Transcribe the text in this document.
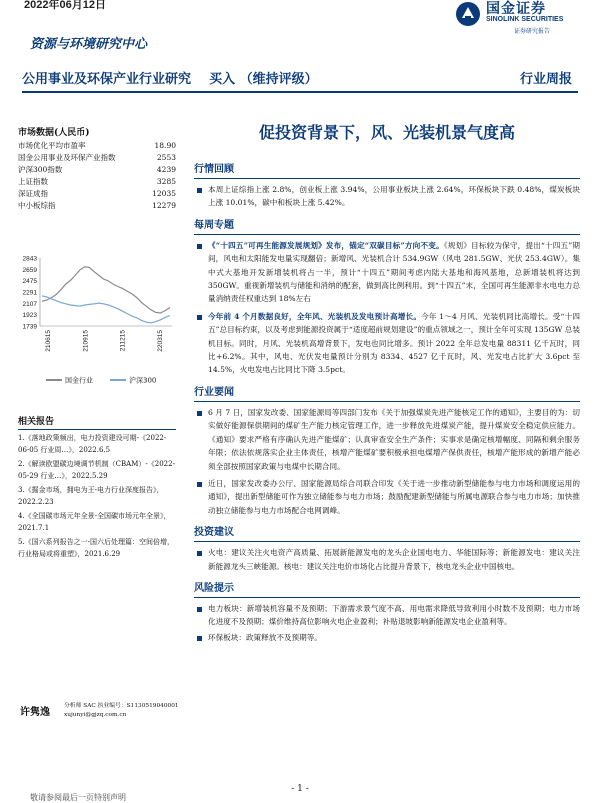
2022年06月12日
资源与环境研究中心
国金证券
SINOLINK SECURITIES
证券研究报告
公用事业及环保产业行业研究    买入 （维持评级）	行业周报
促投资背景下，风、光装机景气度高
市场数据(人民币)
市场优化平均市盈率	18.90
国金公用事业及环保产业指数	2553
沪深300指数	4239
上证指数	3285
深证成指	12035
中小板综指	12279
2843
2659
2475
2291
2107
1923
1739
210615	210915	211215	220315
国金行业	沪深300
相关报告
1.《落地政策频出，电力投资建设可期-《2022-06-05 行业周…》，2022.6.5
2.《解读欧盟碳边境调节机制（CBAM）-《2022-05-29 行业…》，2022.5.29
3.《掘金市场，拥电为王-电力行业深度报告》，2022.2.23
4.《全国碳市场元年全景-全国碳市场元年全景》，2021.7.1
5.《国六系列报告之一-国六后处理篇：空间倍增，行业格局或将重塑》，2021.6.29
许隽逸
分析师 SAC 执业编号：S1130519040001
xujunyi@gjzq.com.cn
行情回顾
本周上证综指上涨 2.8%，创业板上涨 3.94%，公用事业板块上涨 2.64%，环保板块下跌 0.48%，煤炭板块上涨 10.01%，碳中和板块上涨 5.42%。
每周专题
《“十四五”可再生能源发展规划》发布，锚定“双碳目标”方向不变。《规划》目标较为保守，提出“十四五”期间，风电和太阳能发电量实现翻倍；新增风、光装机合计 534.9GW（风电 281.5GW、光伏 253.4GW）。集中式大基地开发新增装机将占一半，预计“十四五”期间考虑内陆大基地和海风基地，总新增装机将达到 350GW。重视新增装机与储能和消纳的配套，做到高比例利用。到“十四五”末，全国可再生能源非水电电力总量消纳责任权重达到 18%左右
今年前 4 个月数据良好，全年风、光装机及发电预计高增长。今年 1～4 月风、光装机同比高增长。受“十四五”总目标约束，以及考虑到能源投资属于“适度超前规划建设”的重点领域之一，预计全年可实现 135GW 总装机目标。同时，月风、光装机高增背景下，发电也同比增多。预计 2022 全年总发电量 88311 亿千瓦时，同比+6.2%。其中，风电、光伏发电量预计分别为 8334、4527 亿千瓦时，风、光发电占比扩大 3.6pct 至 14.5%，火电发电占比同比下降 3.5pct。
行业要闻
6 月 7 日，国家发改委、国家能源局等四部门发布《关于加强煤炭先进产能核定工作的通知》，主要目的为：切实做好能源保供期间的煤矿生产能力核定管理工作，进一步释放先进煤炭产能，提升煤炭安全稳定供应能力。《通知》要求严格有序确认先进产能煤矿；认真审查安全生产条件；实事求是确定核增幅度、同隔和剩余服务年限；依法依规落实企业主体责任，核增产能煤矿要积极承担电煤增产保供责任，核增产能形成的新增产能必须全部按照国家政策与电煤中长期合同。
近日，国家发改委办公厅、国家能源局综合司联合印发《关于进一步推动新型储能参与电力市场和调度运用的通知》，提出新型储能可作为独立储能参与电力市场；鼓励配建新型储能与所属电源联合参与电力市场；加快推动独立储能参与电力市场配合电网调峰。
投资建议
火电：建议关注火电资产高质量、拓展新能源发电的龙头企业国电电力、华能国际等；新能源发电：建议关注新能源龙头三峡能源。核电：建议关注电价市场化占比提升背景下，核电龙头企业中国核电。
风险提示
电力板块：新增装机容量不及预期；下游需求景气度不高、用电需求降低导致利用小时数不及预期；电力市场化进度不及预期；煤价维持高位影响火电企业盈利；补贴退坡影响新能源发电企业盈利等。
环保板块：政策释放不及预期等。
- 1 -
敬请参阅最后一页特别声明
